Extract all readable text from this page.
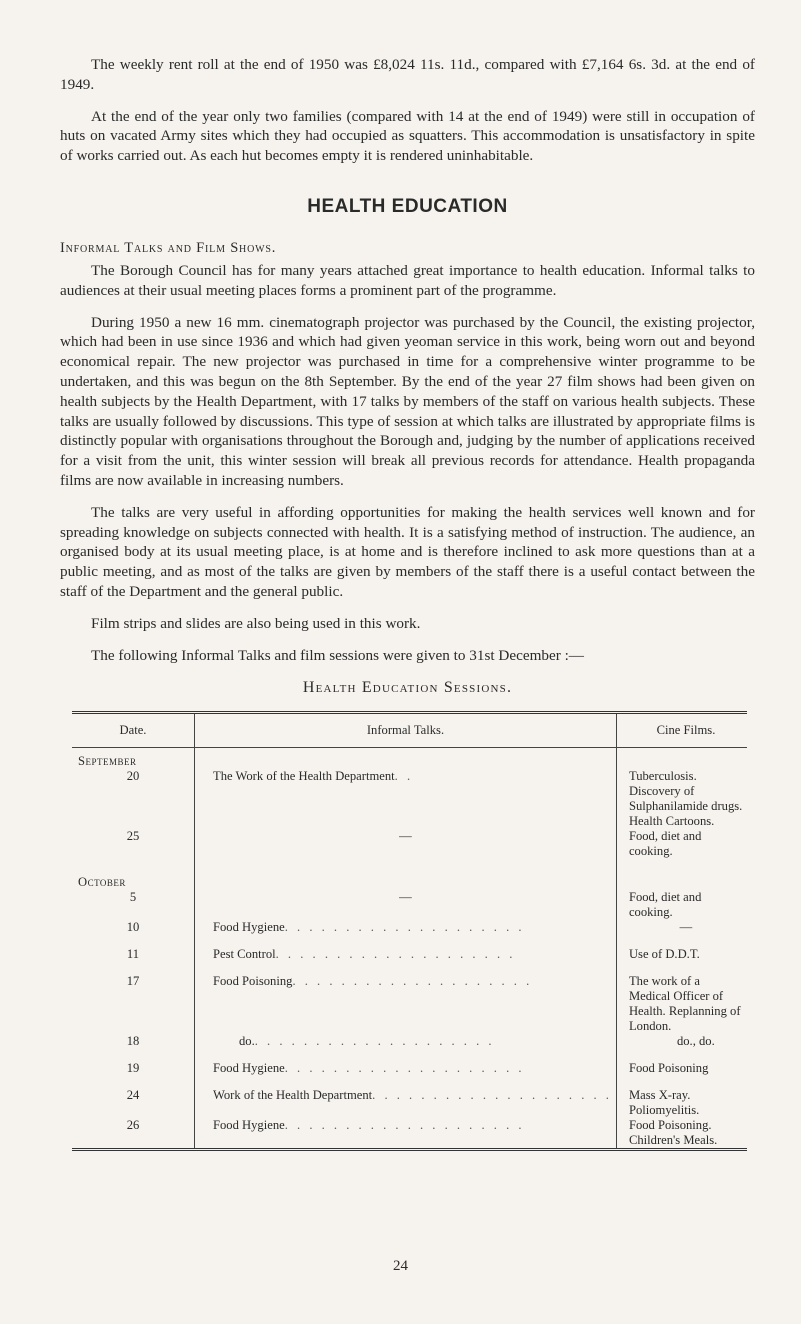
The weekly rent roll at the end of 1950 was £8,024 11s. 11d., compared with £7,164 6s. 3d. at the end of 1949.

At the end of the year only two families (compared with 14 at the end of 1949) were still in occupation of huts on vacated Army sites which they had occupied as squatters. This accommodation is unsatisfactory in spite of works carried out. As each hut becomes empty it is rendered uninhabitable.

HEALTH EDUCATION
Informal Talks and Film Shows.

The Borough Council has for many years attached great importance to health education. Informal talks to audiences at their usual meeting places forms a prominent part of the programme.

During 1950 a new 16 mm. cinematograph projector was purchased by the Council, the existing projector, which had been in use since 1936 and which had given yeoman service in this work, being worn out and beyond economical repair. The new projector was purchased in time for a comprehensive winter programme to be undertaken, and this was begun on the 8th September. By the end of the year 27 film shows had been given on health subjects by the Health Department, with 17 talks by members of the staff on various health subjects. These talks are usually followed by discussions. This type of session at which talks are illustrated by appropriate films is distinctly popular with organisations throughout the Borough and, judging by the number of applications received for a visit from the unit, this winter session will break all previous records for attendance. Health propaganda films are now available in increasing numbers.

The talks are very useful in affording opportunities for making the health services well known and for spreading knowledge on subjects connected with health. It is a satisfying method of instruction. The audience, an organised body at its usual meeting place, is at home and is therefore inclined to ask more questions than at a public meeting, and as most of the talks are given by members of the staff there is a useful contact between the staff of the Department and the general public.

Film strips and slides are also being used in this work.

The following Informal Talks and film sessions were given to 31st December :—

Health Education Sessions.
Date.	Informal Talks.	Cine Films.
September		
20	The Work of the Health Department . .	Tuberculosis. Discovery of Sulphanilamide drugs. Health Cartoons.
25	—	Food, diet and cooking.
October		
5	—	Food, diet and cooking.
10	Food Hygiene . . . . . . . . . . . . . . . . . . . .	—
11	Pest Control . . . . . . . . . . . . . . . . . . . .	Use of D.D.T.
17	Food Poisoning . . . . . . . . . . . . . . . . . . . .	The work of a Medical Officer of Health. Replanning of London.
18	do. . . . . . . . . . . . . . . . . . . . .	do., do.
19	Food Hygiene . . . . . . . . . . . . . . . . . . . .	Food Poisoning
24	Work of the Health Department . . . . . . . . . . . . . . . . . . . .	Mass X-ray. Poliomyelitis.
26	Food Hygiene . . . . . . . . . . . . . . . . . . . .	Food Poisoning. Children's Meals.
24
